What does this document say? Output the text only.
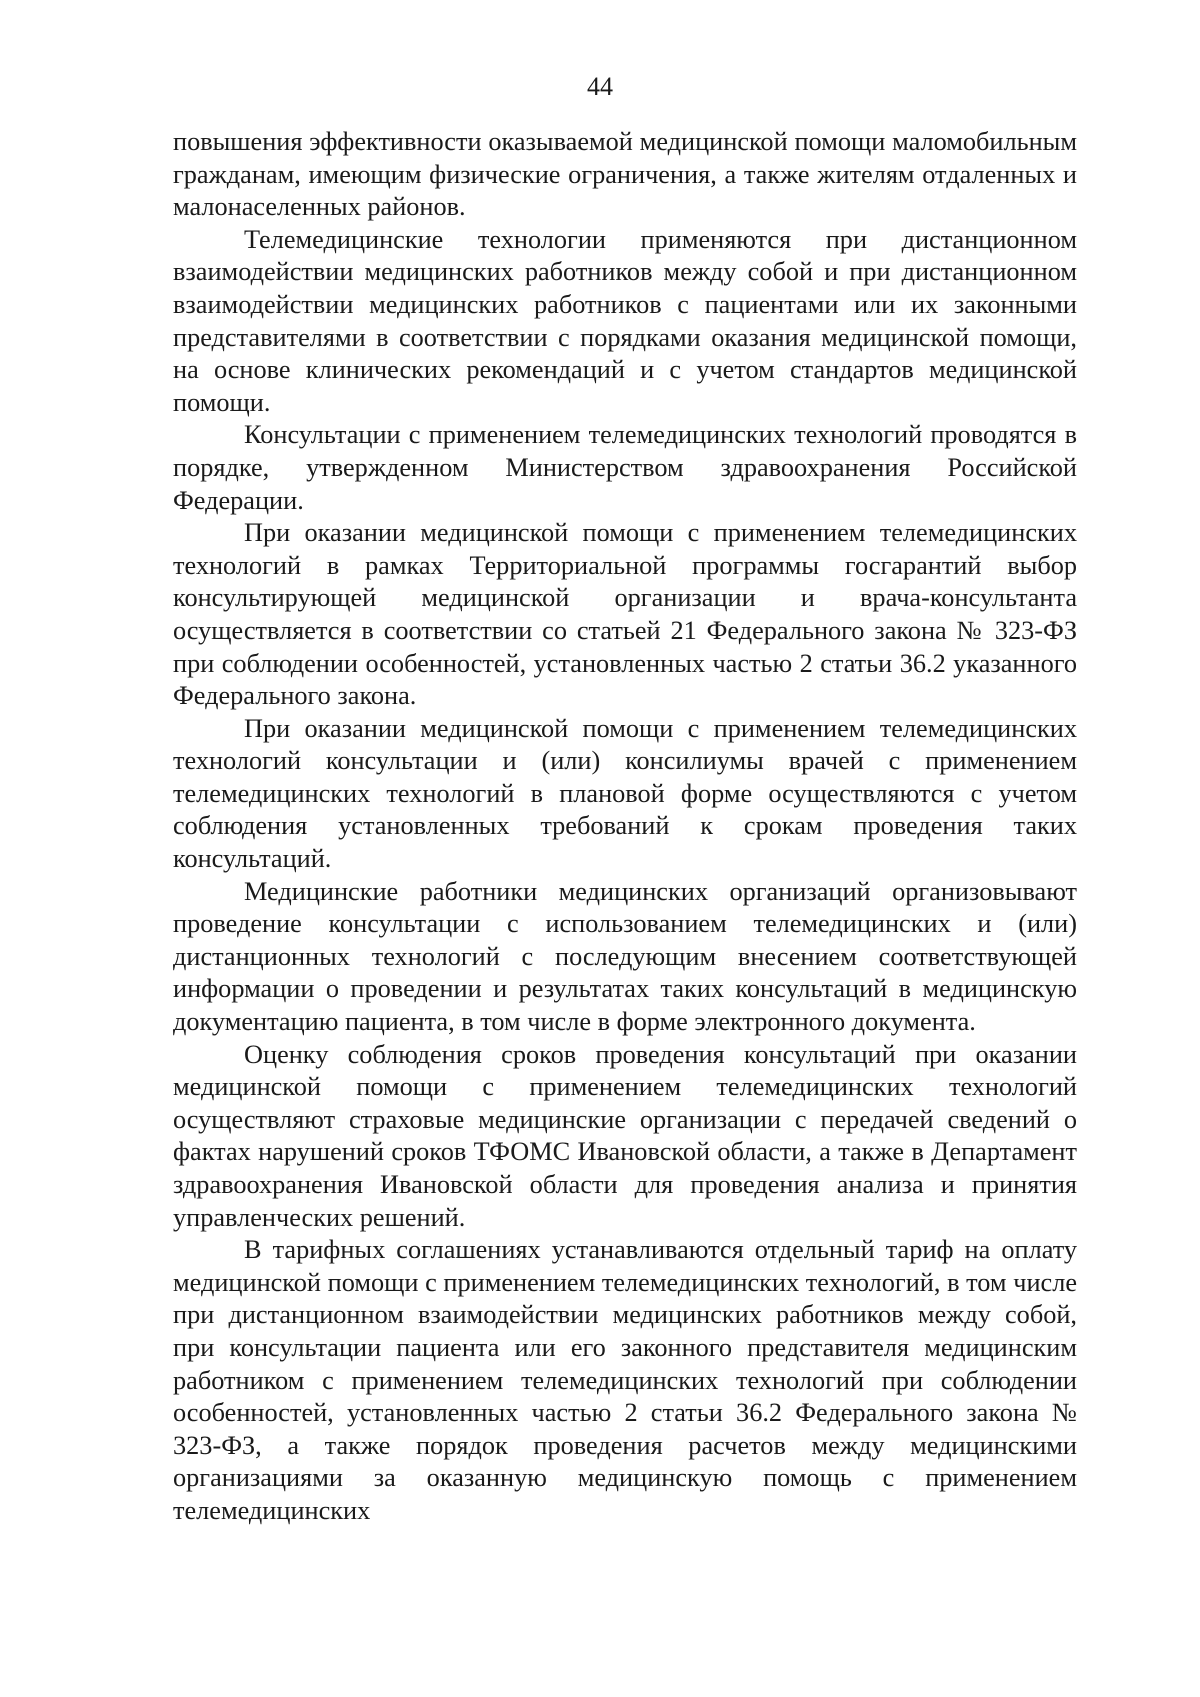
44

повышения эффективности оказываемой медицинской помощи маломобильным гражданам, имеющим физические ограничения, а также жителям отдаленных и малонаселенных районов.

Телемедицинские технологии применяются при дистанционном взаимодействии медицинских работников между собой и при дистанционном взаимодействии медицинских работников с пациентами или их законными представителями в соответствии с порядками оказания медицинской помощи, на основе клинических рекомендаций и с учетом стандартов медицинской помощи.

Консультации с применением телемедицинских технологий проводятся в порядке, утвержденном Министерством здравоохранения Российской Федерации.

При оказании медицинской помощи с применением телемедицинских технологий в рамках Территориальной программы госгарантий выбор консультирующей медицинской организации и врача-консультанта осуществляется в соответствии со статьей 21 Федерального закона № 323-ФЗ при соблюдении особенностей, установленных частью 2 статьи 36.2 указанного Федерального закона.

При оказании медицинской помощи с применением телемедицинских технологий консультации и (или) консилиумы врачей с применением телемедицинских технологий в плановой форме осуществляются с учетом соблюдения установленных требований к срокам проведения таких консультаций.

Медицинские работники медицинских организаций организовывают проведение консультации с использованием телемедицинских и (или) дистанционных технологий с последующим внесением соответствующей информации о проведении и результатах таких консультаций в медицинскую документацию пациента, в том числе в форме электронного документа.

Оценку соблюдения сроков проведения консультаций при оказании медицинской помощи с применением телемедицинских технологий осуществляют страховые медицинские организации с передачей сведений о фактах нарушений сроков ТФОМС Ивановской области, а также в Департамент здравоохранения Ивановской области для проведения анализа и принятия управленческих решений.

В тарифных соглашениях устанавливаются отдельный тариф на оплату медицинской помощи с применением телемедицинских технологий, в том числе при дистанционном взаимодействии медицинских работников между собой, при консультации пациента или его законного представителя медицинским работником с применением телемедицинских технологий при соблюдении особенностей, установленных частью 2 статьи 36.2 Федерального закона № 323-ФЗ, а также порядок проведения расчетов между медицинскими организациями за оказанную медицинскую помощь с применением телемедицинских
